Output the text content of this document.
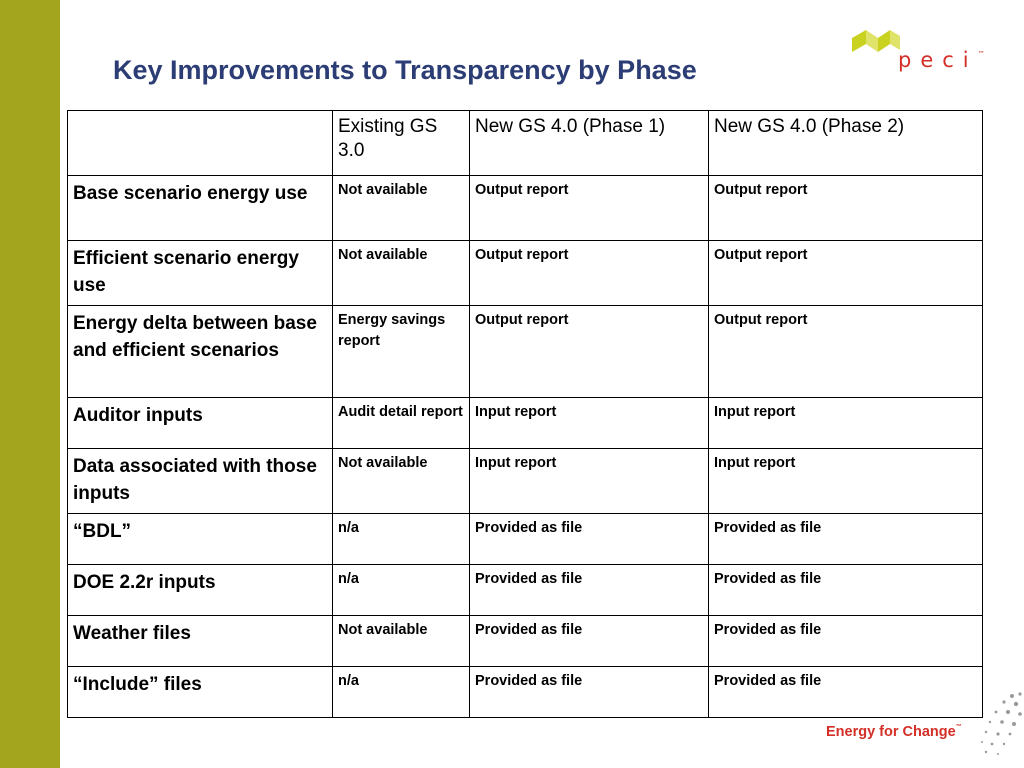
Key Improvements to Transparency by Phase	peci™
	Existing GS 3.0	New GS 4.0 (Phase 1)	New GS 4.0 (Phase 2)
Base scenario energy use	Not available	Output report	Output report
Efficient scenario energy use	Not available	Output report	Output report
Energy delta between base and efficient scenarios	Energy savings report	Output report	Output report
Auditor inputs	Audit detail report	Input report	Input report
Data associated with those inputs	Not available	Input report	Input report
“BDL”	n/a	Provided as file	Provided as file
DOE 2.2r inputs	n/a	Provided as file	Provided as file
Weather files	Not available	Provided as file	Provided as file
“Include” files	n/a	Provided as file	Provided as file
Energy for Change™
